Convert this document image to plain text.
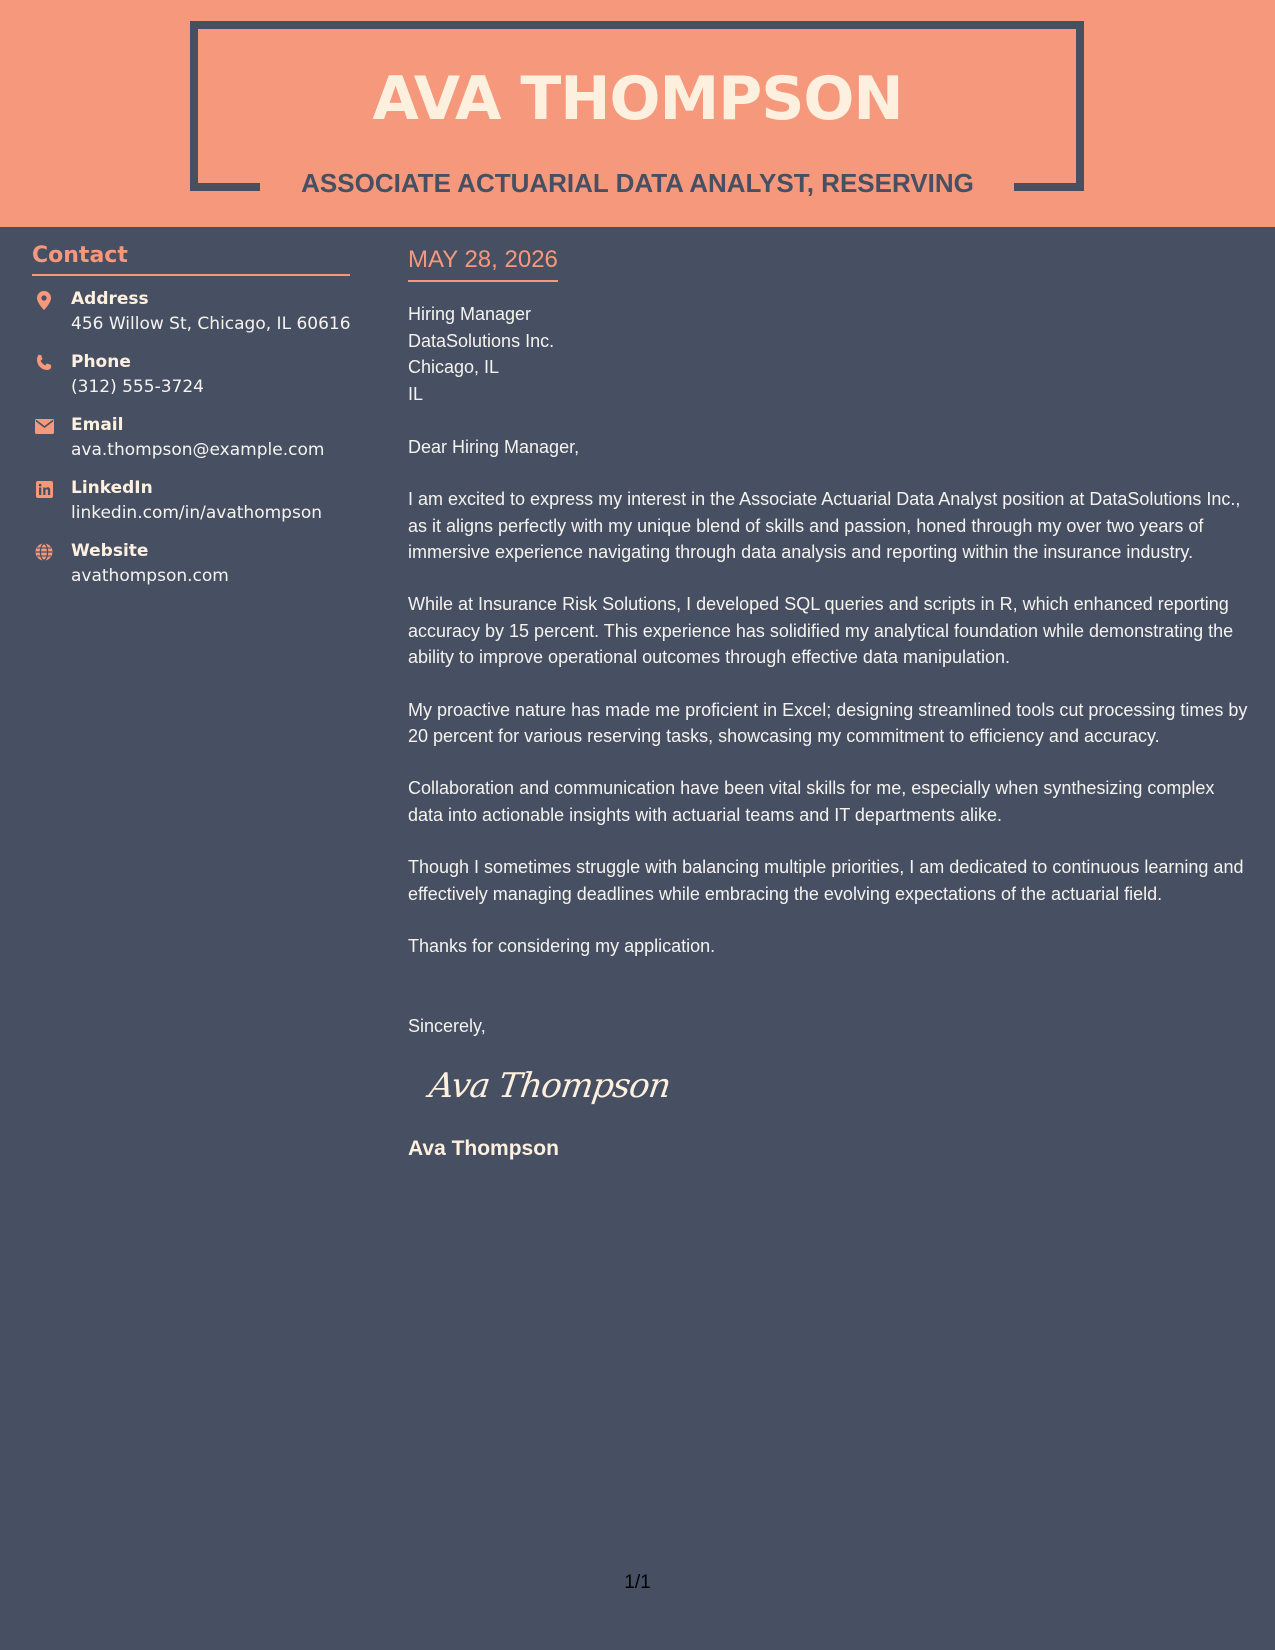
AVA THOMPSON
ASSOCIATE ACTUARIAL DATA ANALYST, RESERVING
Contact
Address
456 Willow St, Chicago, IL 60616
Phone
(312) 555-3724
Email
ava.thompson@example.com
LinkedIn
linkedin.com/in/avathompson
Website
avathompson.com
MAY 28, 2026
Hiring Manager
DataSolutions Inc.
Chicago, IL
IL
Dear Hiring Manager,

I am excited to express my interest in the Associate Actuarial Data Analyst position at DataSolutions Inc., as it aligns perfectly with my unique blend of skills and passion, honed through my over two years of immersive experience navigating through data analysis and reporting within the insurance industry.

While at Insurance Risk Solutions, I developed SQL queries and scripts in R, which enhanced reporting accuracy by 15 percent. This experience has solidified my analytical foundation while demonstrating the ability to improve operational outcomes through effective data manipulation.

My proactive nature has made me proficient in Excel; designing streamlined tools cut processing times by 20 percent for various reserving tasks, showcasing my commitment to efficiency and accuracy.

Collaboration and communication have been vital skills for me, especially when synthesizing complex data into actionable insights with actuarial teams and IT departments alike.

Though I sometimes struggle with balancing multiple priorities, I am dedicated to continuous learning and effectively managing deadlines while embracing the evolving expectations of the actuarial field.

Thanks for considering my application.

Sincerely,
Ava Thompson
Ava Thompson
1/1
